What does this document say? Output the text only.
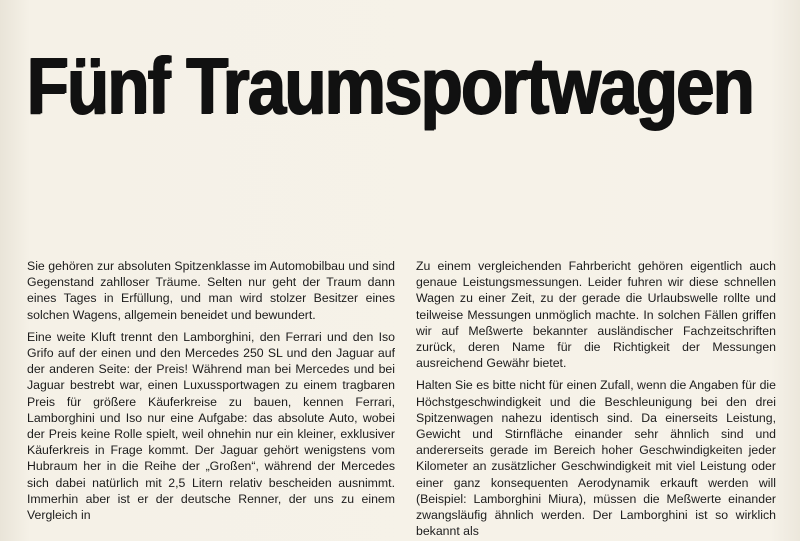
Fünf Traumsportwagen

Sie gehören zur absoluten Spitzenklasse im Automobilbau und sind Gegenstand zahlloser Träume. Selten nur geht der Traum dann eines Tages in Erfüllung, und man wird stolzer Besitzer eines solchen Wagens, allgemein beneidet und bewundert.

Eine weite Kluft trennt den Lamborghini, den Ferrari und den Iso Grifo auf der einen und den Mercedes 250 SL und den Jaguar auf der anderen Seite: der Preis! Während man bei Mercedes und bei Jaguar bestrebt war, einen Luxussportwagen zu einem tragbaren Preis für größere Käuferkreise zu bauen, kennen Ferrari, Lamborghini und Iso nur eine Aufgabe: das absolute Auto, wobei der Preis keine Rolle spielt, weil ohnehin nur ein kleiner, exklusiver Käuferkreis in Frage kommt. Der Jaguar gehört wenigstens vom Hubraum her in die Reihe der „Großen“, während der Mercedes sich dabei natürlich mit 2,5 Litern relativ bescheiden ausnimmt. Immerhin aber ist er der deutsche Renner, der uns zu einem Vergleich in

Zu einem vergleichenden Fahrbericht gehören eigentlich auch genaue Leistungsmessungen. Leider fuhren wir diese schnellen Wagen zu einer Zeit, zu der gerade die Urlaubswelle rollte und teilweise Messungen unmöglich machte. In solchen Fällen griffen wir auf Meßwerte bekannter ausländischer Fachzeitschriften zurück, deren Name für die Richtigkeit der Messungen ausreichend Gewähr bietet.

Halten Sie es bitte nicht für einen Zufall, wenn die Angaben für die Höchstgeschwindigkeit und die Beschleunigung bei den drei Spitzenwagen nahezu identisch sind. Da einerseits Leistung, Gewicht und Stirnfläche einander sehr ähnlich sind und andererseits gerade im Bereich hoher Geschwindigkeiten jeder Kilometer an zusätzlicher Geschwindigkeit mit viel Leistung oder einer ganz konsequenten Aerodynamik erkauft werden will (Beispiel: Lamborghini Miura), müssen die Meßwerte einander zwangsläufig ähnlich werden. Der Lamborghini ist so wirklich bekannt als
